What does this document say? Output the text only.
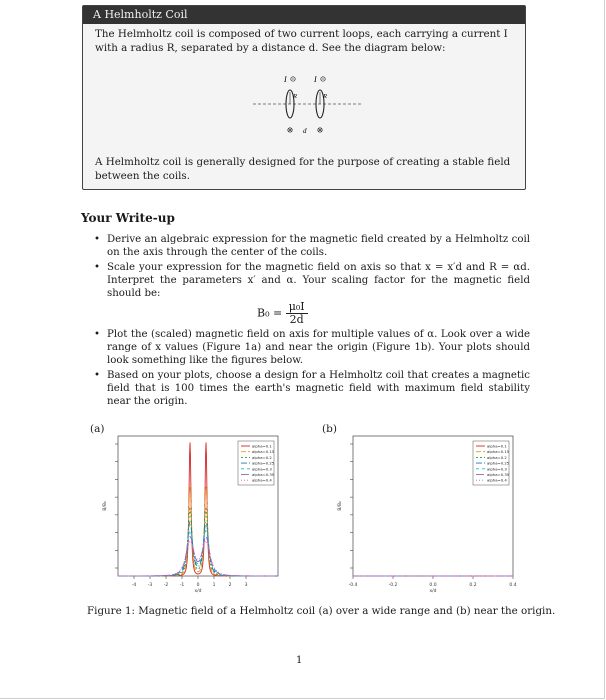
A Helmholtz Coil
The Helmholtz coil is composed of two current loops, each carrying a current I with a radius R, separated by a distance d. See the diagram below:
I	I
R	R
d
A Helmholtz coil is generally designed for the purpose of creating a stable field between the coils.
Your Write-up
• Derive an algebraic expression for the magnetic field created by a Helmholtz coil on the axis through the center of the coils.
• Scale your expression for the magnetic field on axis so that x = x′d and R = αd. Interpret the parameters x′ and α. Your scaling factor for the magnetic field should be:
• Plot the (scaled) magnetic field on axis for multiple values of α. Look over a wide range of x values (Figure 1a) and near the origin (Figure 1b). Your plots should look something like the figures below.
• Based on your plots, choose a design for a Helmholtz coil that creates a magnetic field that is 100 times the earth's magnetic field with maximum field stability near the origin.
$B_0 = \frac{\text{μ₀I}}{2d}$
(a)	(b)
-4	-3	-2	-1	0	1	2	3
x/d
B/B₀
alpha=0.1
alpha=0.15
alpha=0.2
alpha=0.25
alpha=0.3
alpha=0.35
alpha=0.4
-0.4	-0.2	0.0	0.2	0.4
x/d
B/B₀
alpha=0.1
alpha=0.15
alpha=0.2
alpha=0.25
alpha=0.3
alpha=0.35
alpha=0.4
Figure 1: Magnetic field of a Helmholtz coil (a) over a wide range and (b) near the origin.
1
